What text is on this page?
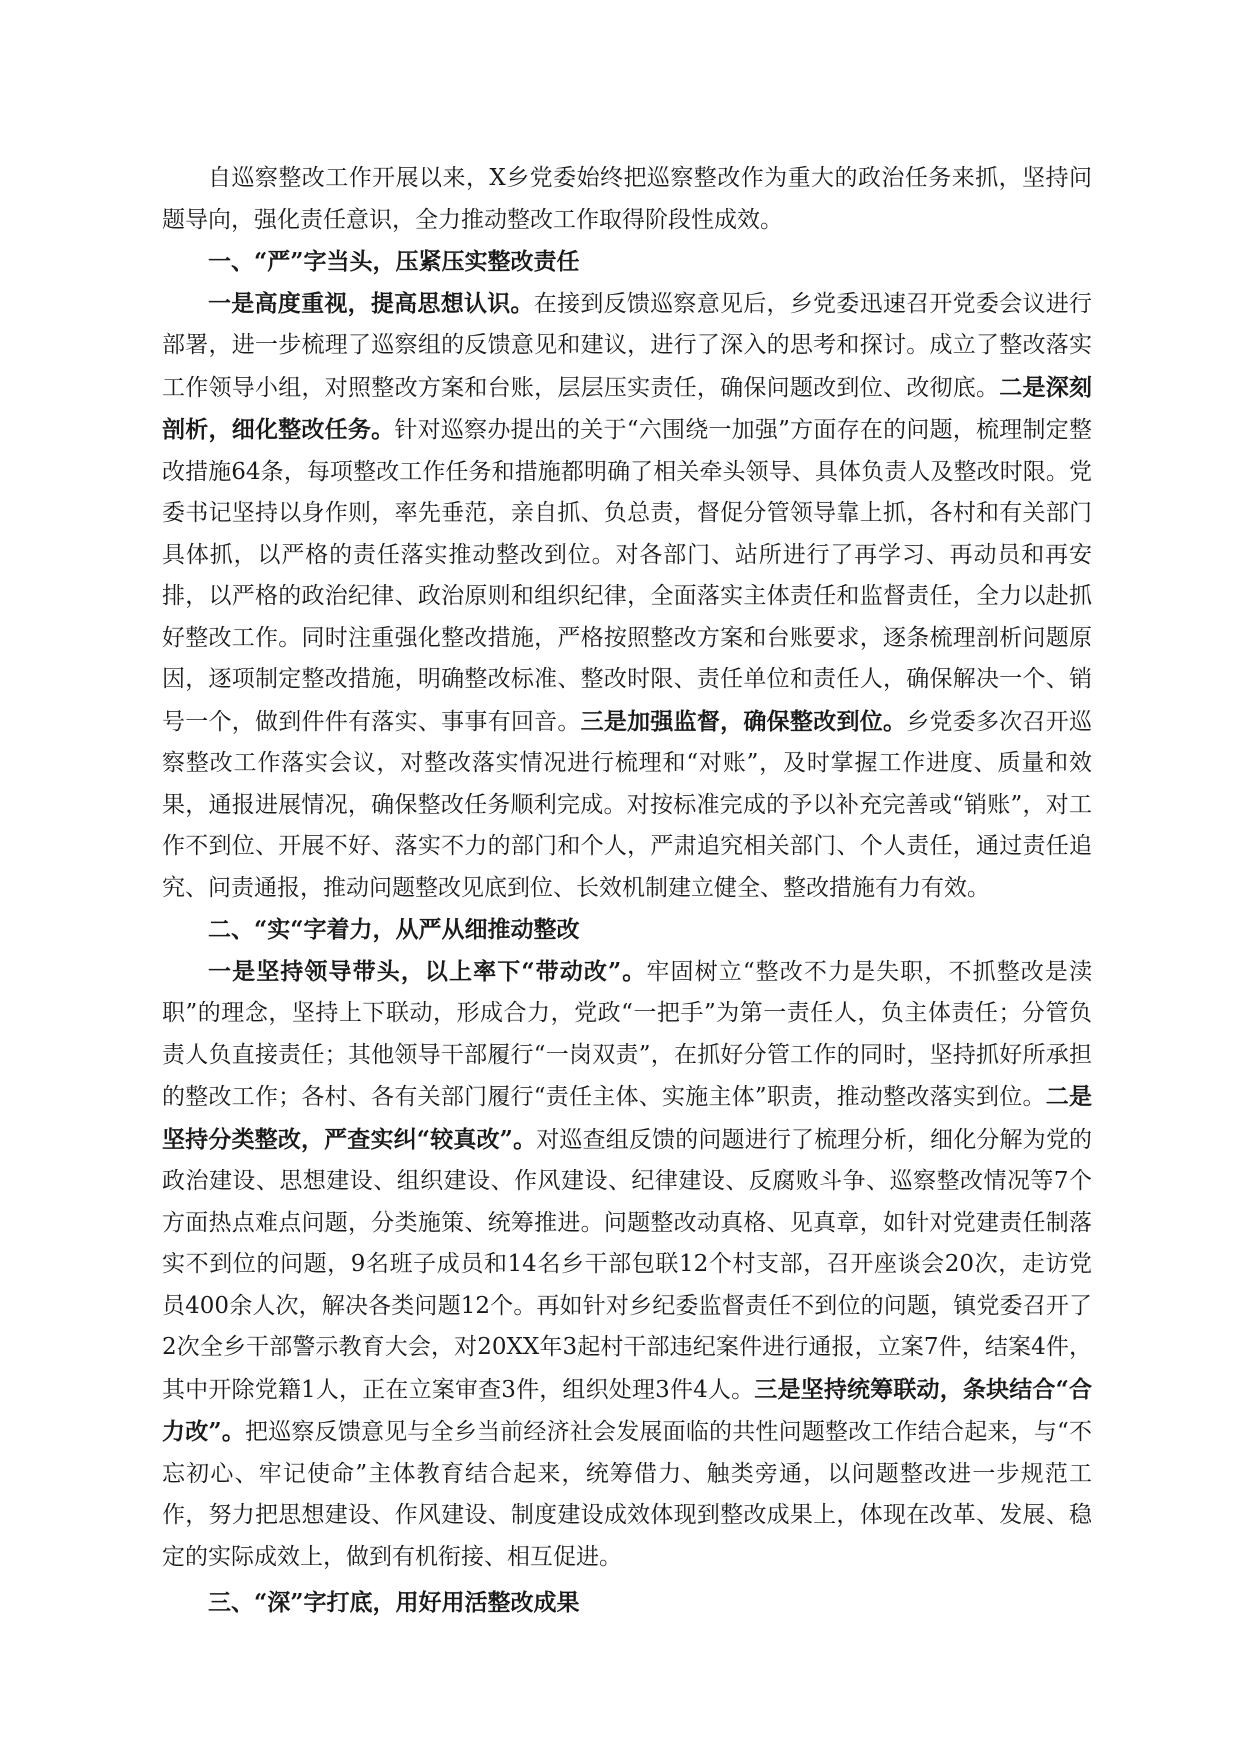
自巡察整改工作开展以来，X乡党委始终把巡察整改作为重大的政治任务来抓，坚持问题导向，强化责任意识，全力推动整改工作取得阶段性成效。

一、“严”字当头，压紧压实整改责任

一是高度重视，提高思想认识。在接到反馈巡察意见后，乡党委迅速召开党委会议进行部署，进一步梳理了巡察组的反馈意见和建议，进行了深入的思考和探讨。成立了整改落实工作领导小组，对照整改方案和台账，层层压实责任，确保问题改到位、改彻底。二是深刻剖析，细化整改任务。针对巡察办提出的关于“六围绕一加强”方面存在的问题，梳理制定整改措施64条，每项整改工作任务和措施都明确了相关牵头领导、具体负责人及整改时限。党委书记坚持以身作则，率先垂范，亲自抓、负总责，督促分管领导靠上抓，各村和有关部门具体抓，以严格的责任落实推动整改到位。对各部门、站所进行了再学习、再动员和再安排，以严格的政治纪律、政治原则和组织纪律，全面落实主体责任和监督责任，全力以赴抓好整改工作。同时注重强化整改措施，严格按照整改方案和台账要求，逐条梳理剖析问题原因，逐项制定整改措施，明确整改标准、整改时限、责任单位和责任人，确保解决一个、销号一个，做到件件有落实、事事有回音。三是加强监督，确保整改到位。乡党委多次召开巡察整改工作落实会议，对整改落实情况进行梳理和“对账”，及时掌握工作进度、质量和效果，通报进展情况，确保整改任务顺利完成。对按标准完成的予以补充完善或“销账”，对工作不到位、开展不好、落实不力的部门和个人，严肃追究相关部门、个人责任，通过责任追究、问责通报，推动问题整改见底到位、长效机制建立健全、整改措施有力有效。

二、“实“字着力，从严从细推动整改

一是坚持领导带头，以上率下“带动改”。牢固树立“整改不力是失职，不抓整改是渎职”的理念，坚持上下联动，形成合力，党政“一把手”为第一责任人，负主体责任；分管负责人负直接责任；其他领导干部履行“一岗双责”，在抓好分管工作的同时，坚持抓好所承担的整改工作；各村、各有关部门履行“责任主体、实施主体”职责，推动整改落实到位。二是坚持分类整改，严查实纠“较真改”。对巡查组反馈的问题进行了梳理分析，细化分解为党的政治建设、思想建设、组织建设、作风建设、纪律建设、反腐败斗争、巡察整改情况等7个方面热点难点问题，分类施策、统筹推进。问题整改动真格、见真章，如针对党建责任制落实不到位的问题，9名班子成员和14名乡干部包联12个村支部，召开座谈会20次，走访党员400余人次，解决各类问题12个。再如针对乡纪委监督责任不到位的问题，镇党委召开了2次全乡干部警示教育大会，对20XX年3起村干部违纪案件进行通报，立案7件，结案4件，其中开除党籍1人，正在立案审查3件，组织处理3件4人。三是坚持统筹联动，条块结合“合力改”。把巡察反馈意见与全乡当前经济社会发展面临的共性问题整改工作结合起来，与“不忘初心、牢记使命”主体教育结合起来，统筹借力、触类旁通，以问题整改进一步规范工作，努力把思想建设、作风建设、制度建设成效体现到整改成果上，体现在改革、发展、稳定的实际成效上，做到有机衔接、相互促进。

三、“深”字打底，用好用活整改成果
